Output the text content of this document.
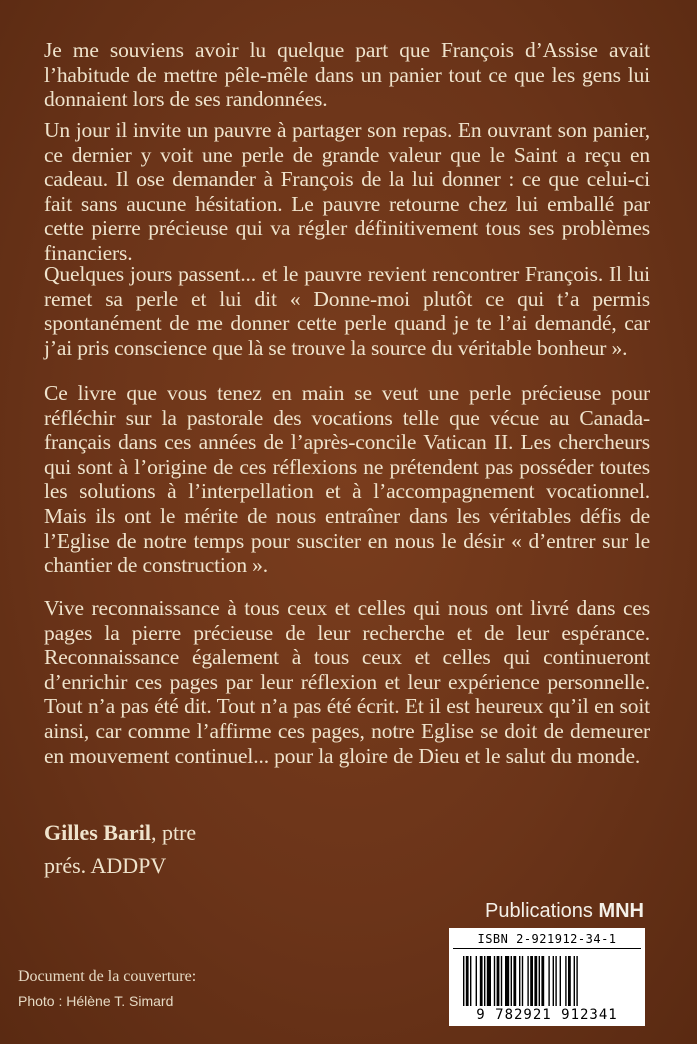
Je me souviens avoir lu quelque part que François d’Assise avait l’habitude de mettre pêle-mêle dans un panier tout ce que les gens lui donnaient lors de ses randonnées.

Un jour il invite un pauvre à partager son repas. En ouvrant son panier, ce dernier y voit une perle de grande valeur que le Saint a reçu en cadeau. Il ose demander à François de la lui donner : ce que celui-ci fait sans aucune hésitation. Le pauvre retourne chez lui emballé par cette pierre précieuse qui va régler définitivement tous ses problèmes financiers.

Quelques jours passent... et le pauvre revient rencontrer François. Il lui remet sa perle et lui dit « Donne-moi plutôt ce qui t’a permis spontanément de me donner cette perle quand je te l’ai demandé, car j’ai pris conscience que là se trouve la source du véritable bonheur ».

Ce livre que vous tenez en main se veut une perle précieuse pour réfléchir sur la pastorale des vocations telle que vécue au Canada-français dans ces années de l’après-concile Vatican II. Les chercheurs qui sont à l’origine de ces réflexions ne prétendent pas posséder toutes les solutions à l’interpellation et à l’accompagnement vocationnel. Mais ils ont le mérite de nous entraîner dans les véritables défis de l’Eglise de notre temps pour susciter en nous le désir « d’entrer sur le chantier de construction ».

Vive reconnaissance à tous ceux et celles qui nous ont livré dans ces pages la pierre précieuse de leur recherche et de leur espérance. Reconnaissance également à tous ceux et celles qui continueront d’enrichir ces pages par leur réflexion et leur expérience personnelle. Tout n’a pas été dit. Tout n’a pas été écrit. Et il est heureux qu’il en soit ainsi, car comme l’affirme ces pages, notre Eglise se doit de demeurer en mouvement continuel... pour la gloire de Dieu et le salut du monde.

Gilles Baril, ptre
prés. ADDPV
Publications MNH
ISBN 2-921912-34-1
9 782921 912341
Document de la couverture:
Photo : Hélène T. Simard
